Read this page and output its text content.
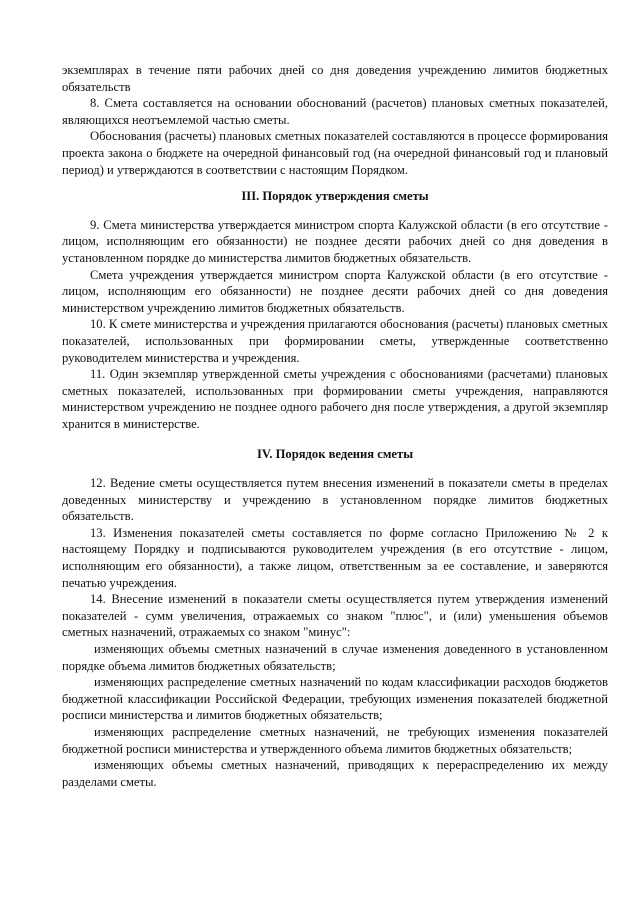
экземплярах в течение пяти рабочих дней со дня доведения учреждению лимитов бюджетных обязательств

8. Смета составляется на основании обоснований (расчетов) плановых сметных показателей, являющихся неотъемлемой частью сметы.

Обоснования (расчеты) плановых сметных показателей составляются в процессе формирования проекта закона о бюджете на очередной финансовый год (на очередной финансовый год и плановый период) и утверждаются в соответствии с настоящим Порядком.

III. Порядок утверждения сметы

9. Смета министерства утверждается министром спорта Калужской области (в его отсутствие - лицом, исполняющим его обязанности) не позднее десяти рабочих дней со дня доведения в установленном порядке до министерства лимитов бюджетных обязательств.

Смета учреждения утверждается министром спорта Калужской области (в его отсутствие - лицом, исполняющим его обязанности) не позднее десяти рабочих дней со дня доведения министерством учреждению лимитов бюджетных обязательств.

10. К смете министерства и учреждения прилагаются обоснования (расчеты) плановых сметных показателей, использованных при формировании сметы, утвержденные соответственно руководителем министерства и учреждения.

11. Один экземпляр утвержденной сметы учреждения с обоснованиями (расчетами) плановых сметных показателей, использованных при формировании сметы учреждения, направляются министерством учреждению не позднее одного рабочего дня после утверждения, а другой экземпляр хранится в министерстве.

IV. Порядок ведения сметы

12. Ведение сметы осуществляется путем внесения изменений в показатели сметы в пределах доведенных министерству и учреждению в установленном порядке лимитов бюджетных обязательств.

13. Изменения показателей сметы составляется по форме согласно Приложению № 2 к настоящему Порядку и подписываются руководителем учреждения (в его отсутствие - лицом, исполняющим его обязанности), а также лицом, ответственным за ее составление, и заверяются печатью учреждения.

14. Внесение изменений в показатели сметы осуществляется путем утверждения изменений показателей - сумм увеличения, отражаемых со знаком "плюс", и (или) уменьшения объемов сметных назначений, отражаемых со знаком "минус":

изменяющих объемы сметных назначений в случае изменения доведенного в установленном порядке объема лимитов бюджетных обязательств;

изменяющих распределение сметных назначений по кодам классификации расходов бюджетов бюджетной классификации Российской Федерации, требующих изменения показателей бюджетной росписи министерства и лимитов бюджетных обязательств;

изменяющих распределение сметных назначений, не требующих изменения показателей бюджетной росписи министерства и утвержденного объема лимитов бюджетных обязательств;

изменяющих объемы сметных назначений, приводящих к перераспределению их между разделами сметы.
